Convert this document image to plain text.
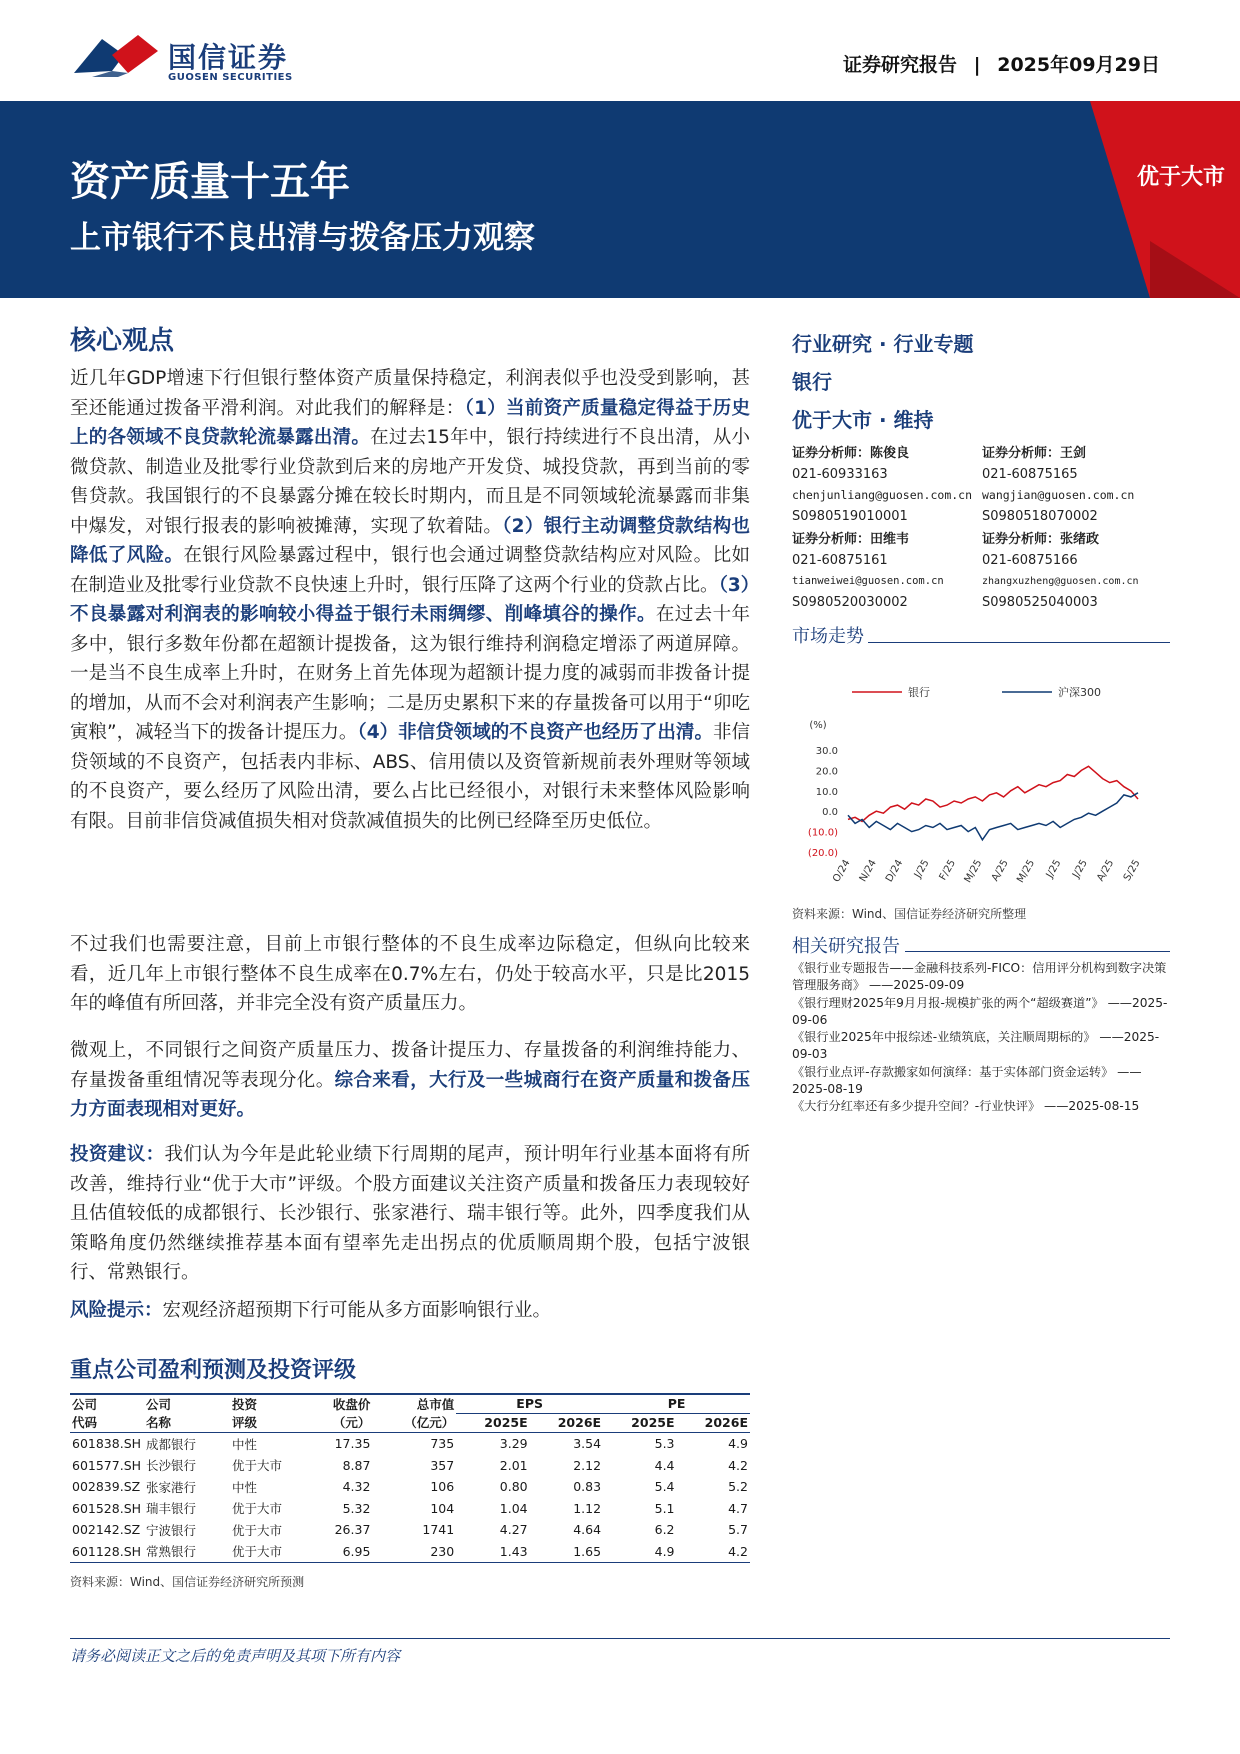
国信证券
GUOSEN SECURITIES
证券研究报告 | 2025年09月29日
资产质量十五年
上市银行不良出清与拨备压力观察
优于大市
核心观点
近几年GDP增速下行但银行整体资产质量保持稳定，利润表似乎也没受到影响，甚至还能通过拨备平滑利润。对此我们的解释是：（1）当前资产质量稳定得益于历史上的各领域不良贷款轮流暴露出清。在过去15年中，银行持续进行不良出清，从小微贷款、制造业及批零行业贷款到后来的房地产开发贷、城投贷款，再到当前的零售贷款。我国银行的不良暴露分摊在较长时期内，而且是不同领域轮流暴露而非集中爆发，对银行报表的影响被摊薄，实现了软着陆。（2）银行主动调整贷款结构也降低了风险。在银行风险暴露过程中，银行也会通过调整贷款结构应对风险。比如在制造业及批零行业贷款不良快速上升时，银行压降了这两个行业的贷款占比。（3）不良暴露对利润表的影响较小得益于银行未雨绸缪、削峰填谷的操作。在过去十年多中，银行多数年份都在超额计提拨备，这为银行维持利润稳定增添了两道屏障。一是当不良生成率上升时，在财务上首先体现为超额计提力度的减弱而非拨备计提的增加，从而不会对利润表产生影响；二是历史累积下来的存量拨备可以用于“卯吃寅粮”，减轻当下的拨备计提压力。（4）非信贷领域的不良资产也经历了出清。非信贷领域的不良资产，包括表内非标、ABS、信用债以及资管新规前表外理财等领域的不良资产，要么经历了风险出清，要么占比已经很小，对银行未来整体风险影响有限。目前非信贷减值损失相对贷款减值损失的比例已经降至历史低位。
不过我们也需要注意，目前上市银行整体的不良生成率边际稳定，但纵向比较来看，近几年上市银行整体不良生成率在0.7%左右，仍处于较高水平，只是比2015年的峰值有所回落，并非完全没有资产质量压力。
微观上，不同银行之间资产质量压力、拨备计提压力、存量拨备的利润维持能力、存量拨备重组情况等表现分化。综合来看，大行及一些城商行在资产质量和拨备压力方面表现相对更好。
投资建议：我们认为今年是此轮业绩下行周期的尾声，预计明年行业基本面将有所改善，维持行业“优于大市”评级。个股方面建议关注资产质量和拨备压力表现较好且估值较低的成都银行、长沙银行、张家港行、瑞丰银行等。此外，四季度我们从策略角度仍然继续推荐基本面有望率先走出拐点的优质顺周期个股，包括宁波银行、常熟银行。
风险提示：宏观经济超预期下行可能从多方面影响银行业。
行业研究 · 行业专题
银行
优于大市 · 维持
证券分析师：陈俊良
021-60933163
chenjunliang@guosen.com.cn
S0980519010001
证券分析师：王剑
021-60875165
wangjian@guosen.com.cn
S0980518070002
证券分析师：田维韦
021-60875161
tianweiwei@guosen.com.cn
S0980520030002
证券分析师：张绪政
021-60875166
zhangxuzheng@guosen.com.cn
S0980525040003
市场走势
银行	沪深300
(%)
30.0
20.0
10.0
0.0
(10.0)
(20.0)
O/24 N/24 D/24 J/25 F/25 M/25 A/25 M/25 J/25 J/25 A/25 S/25
资料来源：Wind、国信证券经济研究所整理
相关研究报告
《银行业专题报告——金融科技系列-FICO：信用评分机构到数字决策管理服务商》 ——2025-09-09
《银行理财2025年9月月报-规模扩张的两个“超级赛道”》 ——2025-09-06
《银行业2025年中报综述-业绩筑底，关注顺周期标的》 ——2025-09-03
《银行业点评-存款搬家如何演绎：基于实体部门资金运转》 ——2025-08-19
《大行分红率还有多少提升空间？-行业快评》 ——2025-08-15
重点公司盈利预测及投资评级
公司
代码	公司
名称	投资
评级	收盘价
（元）	总市值
（亿元）	EPS		PE	
					2025E	2026E	2025E	2026E
601838.SH	成都银行	中性	17.35	735	3.29	3.54	5.3	4.9
601577.SH	长沙银行	优于大市	8.87	357	2.01	2.12	4.4	4.2
002839.SZ	张家港行	中性	4.32	106	0.80	0.83	5.4	5.2
601528.SH	瑞丰银行	优于大市	5.32	104	1.04	1.12	5.1	4.7
002142.SZ	宁波银行	优于大市	26.37	1741	4.27	4.64	6.2	5.7
601128.SH	常熟银行	优于大市	6.95	230	1.43	1.65	4.9	4.2
资料来源：Wind、国信证券经济研究所预测
请务必阅读正文之后的免责声明及其项下所有内容
